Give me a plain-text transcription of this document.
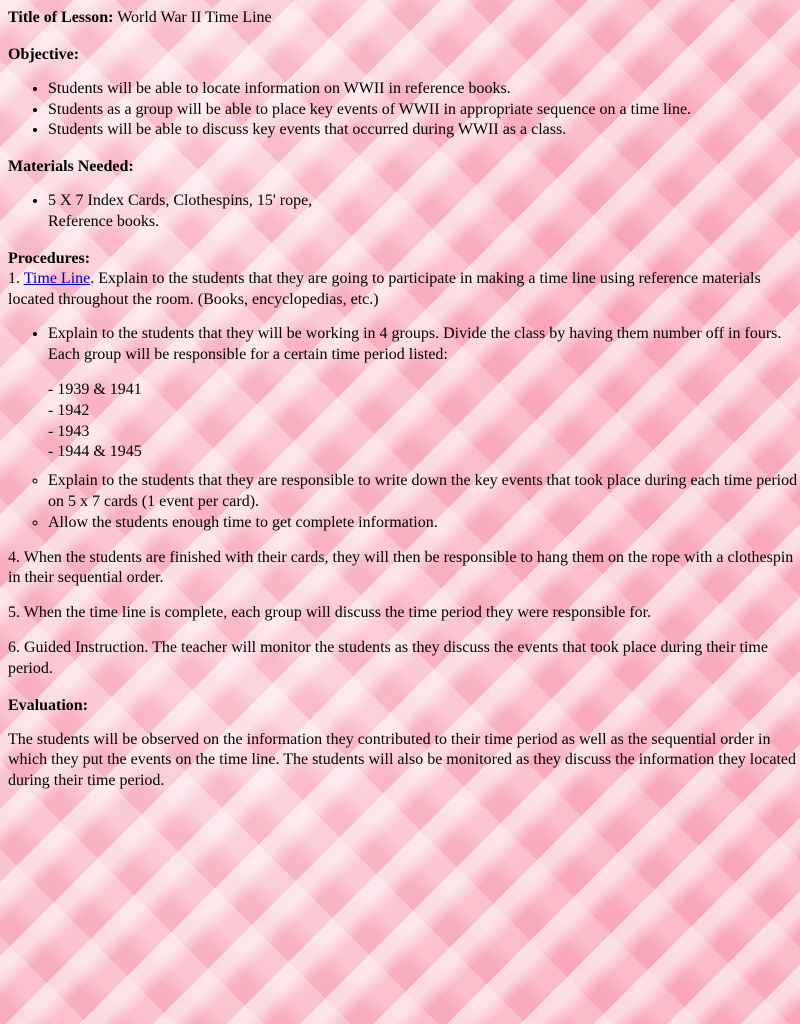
Title of Lesson: World War II Time Line

Objective:
• Students will be able to locate information on WWII in reference books.
• Students as a group will be able to place key events of WWII in appropriate sequence on a time line.
• Students will be able to discuss key events that occurred during WWII as a class.
Materials Needed:
• 5 X 7 Index Cards, Clothespins, 15' rope,
Reference books.
Procedures:

1. Time Line. Explain to the students that they are going to participate in making a time line using reference materials located throughout the room. (Books, encyclopedias, etc.)

• Explain to the students that they will be working in 4 groups. Divide the class by having them number off in fours. Each group will be responsible for a certain time period listed:
- 1939 & 1941
- 1942
- 1943
- 1944 & 1945
◦ Explain to the students that they are responsible to write down the key events that took place during each time period on 5 x 7 cards (1 event per card).
◦ Allow the students enough time to get complete information.

4. When the students are finished with their cards, they will then be responsible to hang them on the rope with a clothespin in their sequential order.

5. When the time line is complete, each group will discuss the time period they were responsible for.

6. Guided Instruction. The teacher will monitor the students as they discuss the events that took place during their time period.

Evaluation:

The students will be observed on the information they contributed to their time period as well as the sequential order in which they put the events on the time line. The students will also be monitored as they discuss the information they located during their time period.
